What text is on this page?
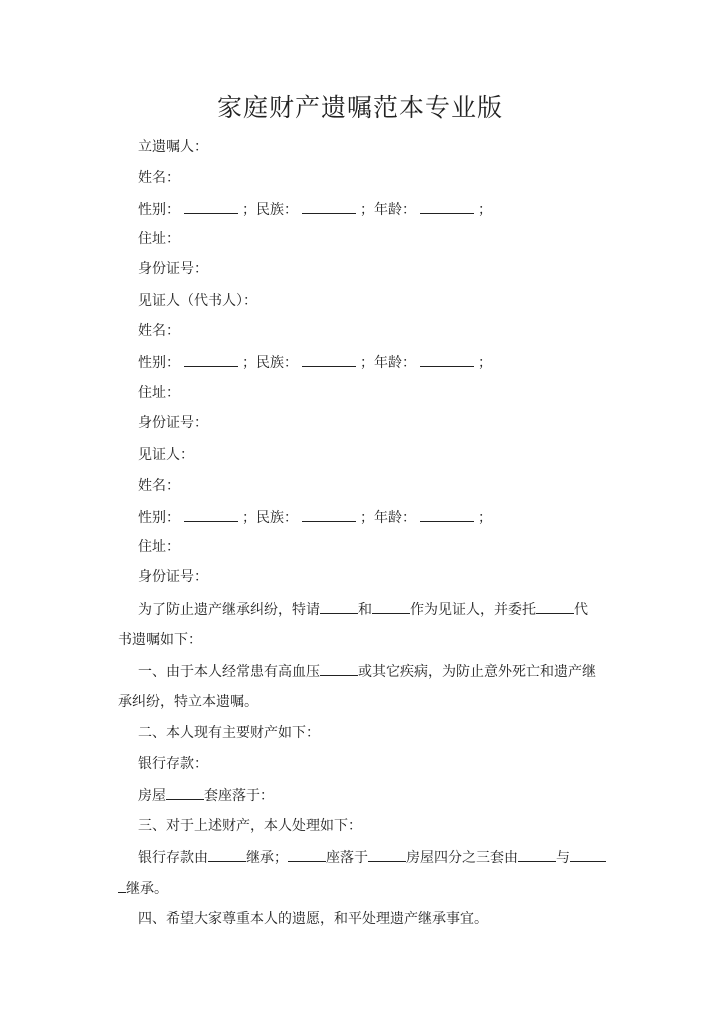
家庭财产遗嘱范本专业版
立遗嘱人：
姓名：
性别：	；民族：	；年龄：	；
住址：
身份证号：
见证人（代书人）：
姓名：
性别：	；民族：	；年龄：	；
住址：
身份证号：
见证人：
姓名：
性别：	；民族：	；年龄：	；
住址：
身份证号：
为了防止遗产继承纠纷，特请	和	作为见证人，并委托	代
书遗嘱如下：
一、由于本人经常患有高血压	或其它疾病，为防止意外死亡和遗产继
承纠纷，特立本遗嘱。
二、本人现有主要财产如下：
银行存款：
房屋	套座落于：
三、对于上述财产，本人处理如下：
银行存款由	继承；	座落于	房屋四分之三套由	与
继承。
四、希望大家尊重本人的遗愿，和平处理遗产继承事宜。
